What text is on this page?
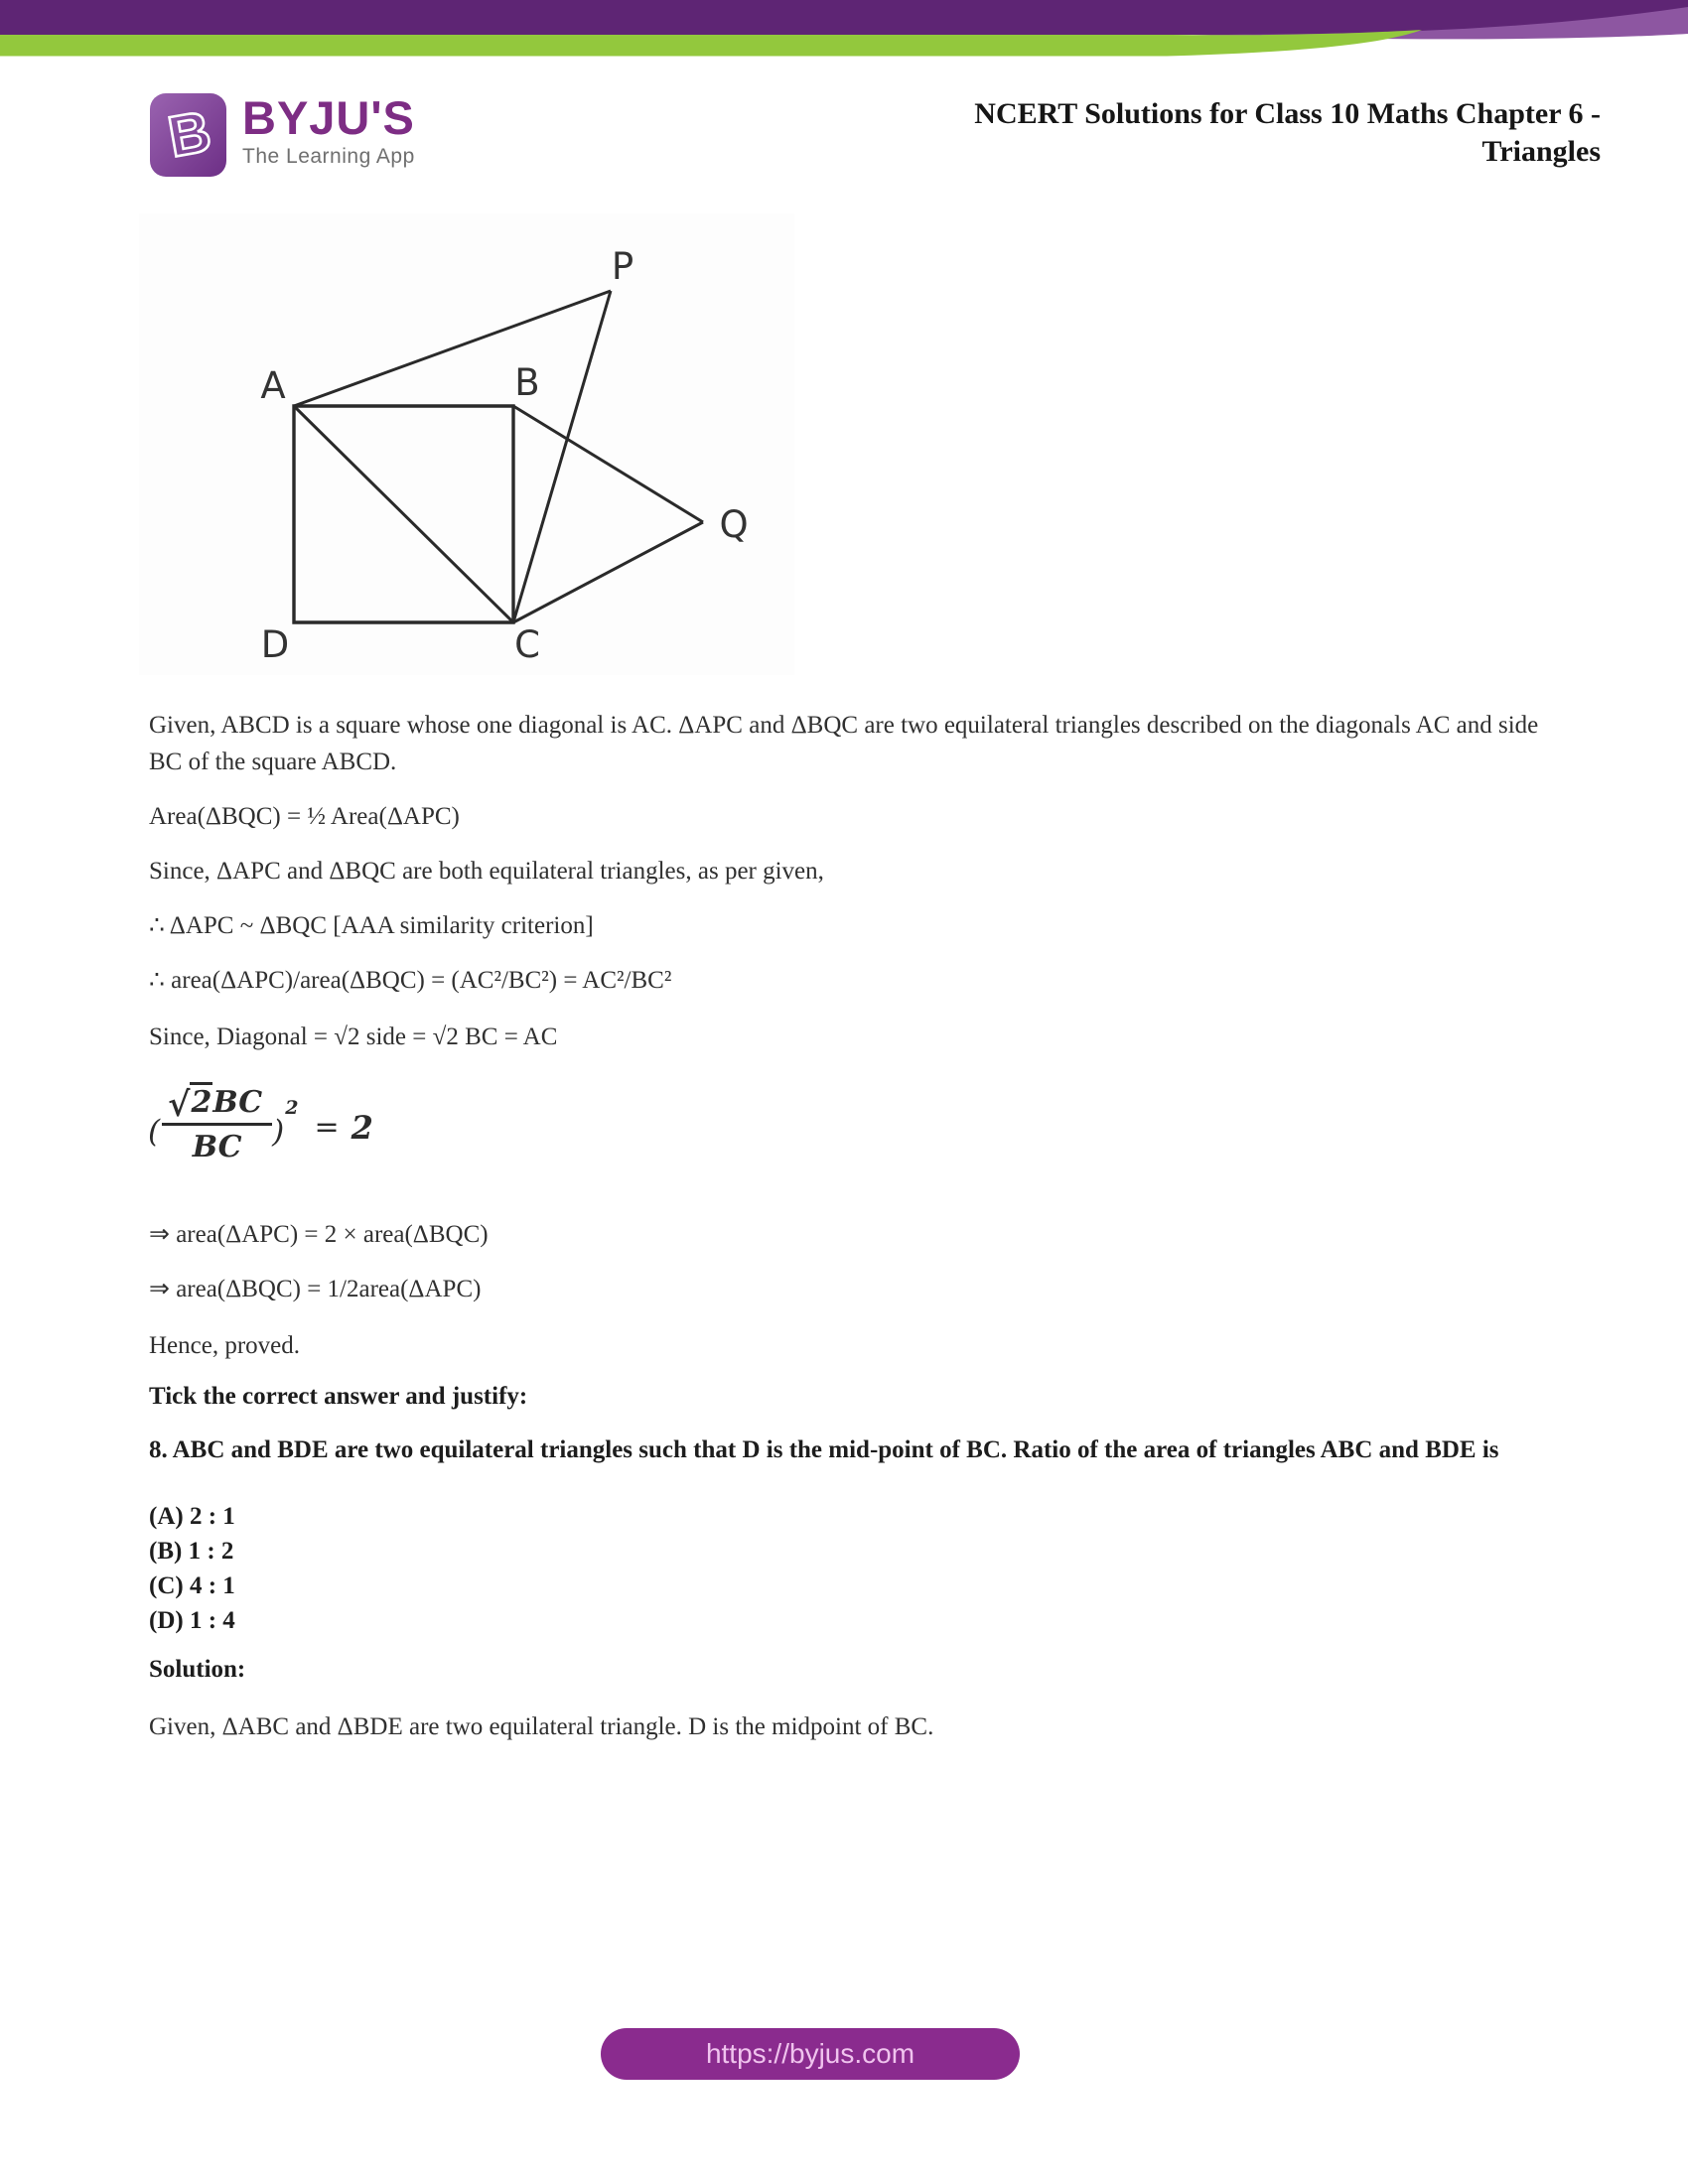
B BYJU'S
The Learning App
NCERT Solutions for Class 10 Maths Chapter 6 -
Triangles
A	B
C
D
P
Q
Given, ABCD is a square whose one diagonal is AC. ΔAPC and ΔBQC are two equilateral triangles described on the diagonals AC and side BC of the square ABCD.
Area(ΔBQC) = ½ Area(ΔAPC)
Since, ΔAPC and ΔBQC are both equilateral triangles, as per given,
∴ ΔAPC ~ ΔBQC [AAA similarity criterion]
∴ area(ΔAPC)/area(ΔBQC) = (AC²/BC²) = AC²/BC²
Since, Diagonal = √2 side = √2 BC = AC
( $\frac{√ 2 BC}{BC}$ )
2
= 2
⇒ area(ΔAPC) = 2 × area(ΔBQC)
⇒ area(ΔBQC) = 1/2area(ΔAPC)
Hence, proved.
Tick the correct answer and justify:
8. ABC and BDE are two equilateral triangles such that D is the mid-point of BC. Ratio of the area of triangles ABC and BDE is
(A) 2 : 1
(B) 1 : 2
(C) 4 : 1
(D) 1 : 4
Solution:
Given, ΔABC and ΔBDE are two equilateral triangle. D is the midpoint of BC.
https://byjus.com
